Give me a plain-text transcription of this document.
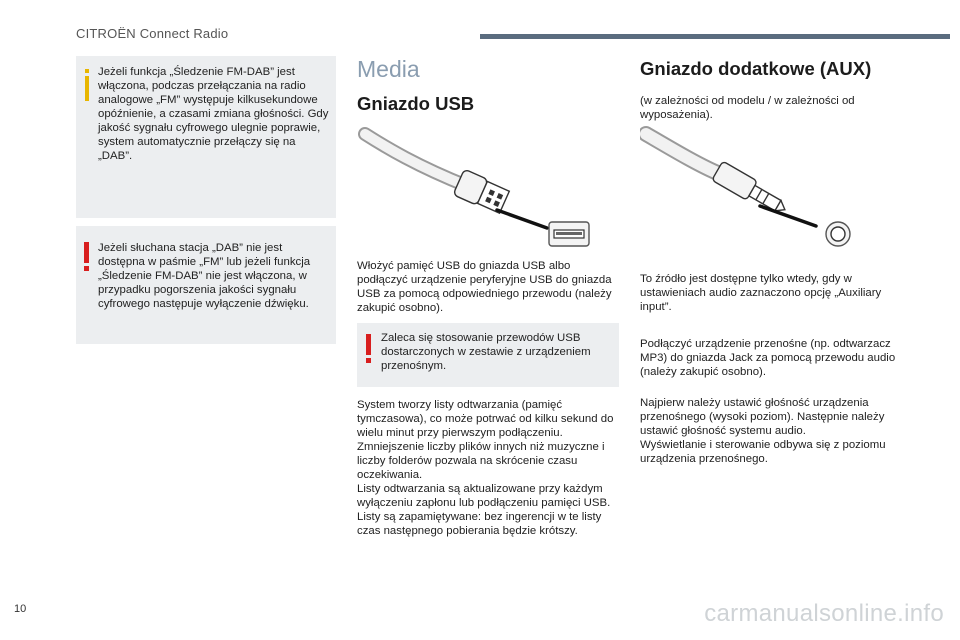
CITROËN Connect Radio

Jeżeli funkcja „Śledzenie FM-DAB” jest włączona, podczas przełączania na radio analogowe „FM” występuje kilkusekundowe opóźnienie, a czasami zmiana głośności. Gdy jakość sygnału cyfrowego ulegnie poprawie, system automatycznie przełączy się na „DAB”.

Jeżeli słuchana stacja „DAB” nie jest dostępna w paśmie „FM” lub jeżeli funkcja „Śledzenie FM-DAB” nie jest włączona, w przypadku pogorszenia jakości sygnału cyfrowego następuje wyłączenie dźwięku.

Media
Gniazdo USB

Włożyć pamięć USB do gniazda USB albo podłączyć urządzenie peryferyjne USB do gniazda USB za pomocą odpowiedniego przewodu (należy zakupić osobno).

Zaleca się stosowanie przewodów USB dostarczonych w zestawie z urządzeniem przenośnym.

System tworzy listy odtwarzania (pamięć tymczasowa), co może potrwać od kilku sekund do wielu minut przy pierwszym podłączeniu.
Zmniejszenie liczby plików innych niż muzyczne i liczby folderów pozwala na skrócenie czasu oczekiwania.
Listy odtwarzania są aktualizowane przy każdym wyłączeniu zapłonu lub podłączeniu pamięci USB.
Listy są zapamiętywane: bez ingerencji w te listy czas następnego pobierania będzie krótszy.

Gniazdo dodatkowe (AUX)

(w zależności od modelu / w zależności od wyposażenia).

To źródło jest dostępne tylko wtedy, gdy w ustawieniach audio zaznaczono opcję „Auxiliary input”.

Podłączyć urządzenie przenośne (np. odtwarzacz MP3) do gniazda Jack za pomocą przewodu audio (należy zakupić osobno).

Najpierw należy ustawić głośność urządzenia przenośnego (wysoki poziom). Następnie należy ustawić głośność systemu audio.
Wyświetlanie i sterowanie odbywa się z poziomu urządzenia przenośnego.

10	carmanualsonline.info
